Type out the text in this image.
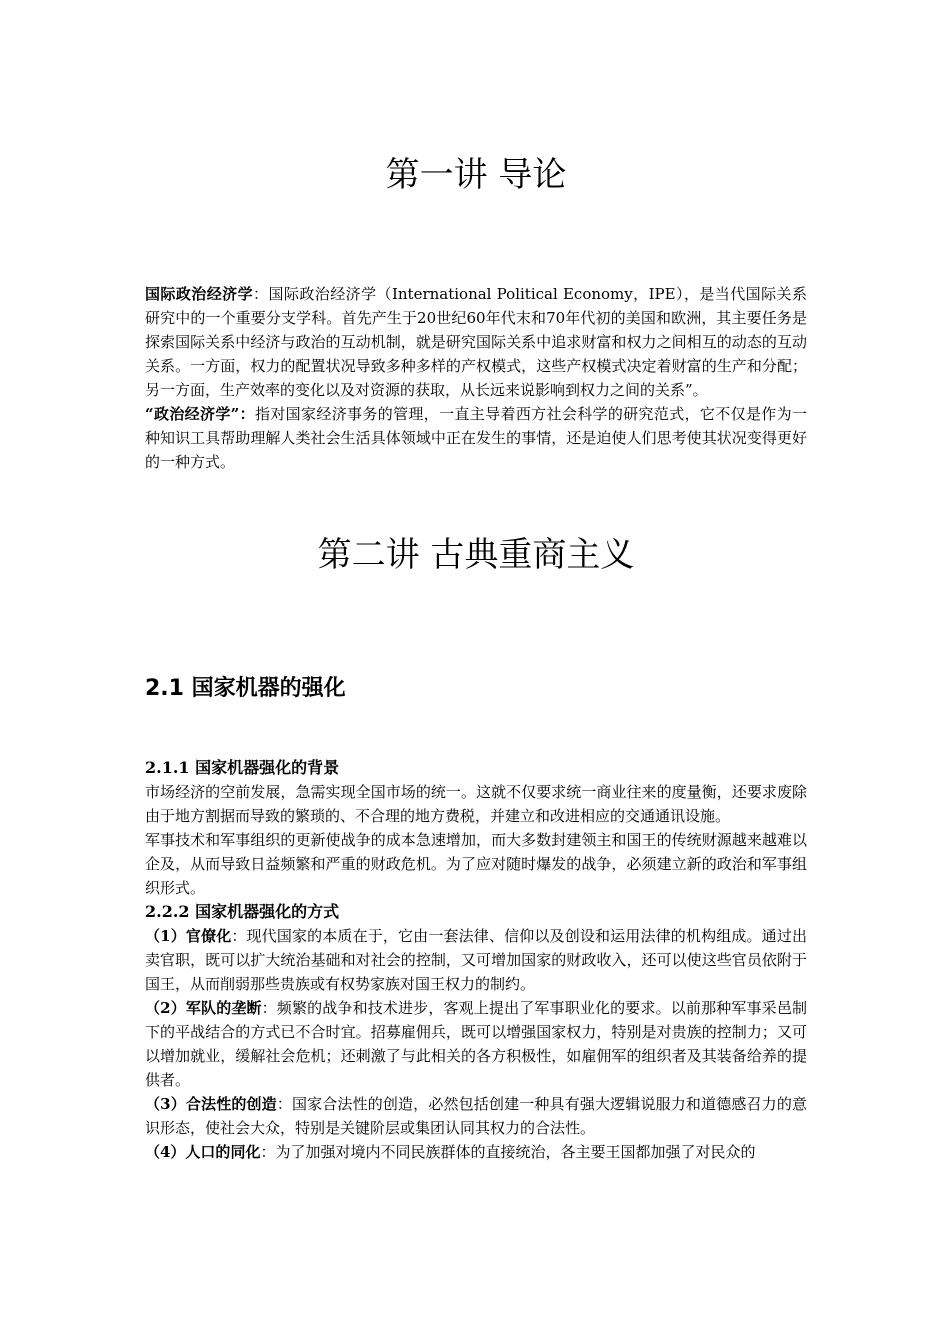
第一讲 导论

国际政治经济学：国际政治经济学（International Political Economy，IPE），是当代国际关系研究中的一个重要分支学科。首先产生于20世纪60年代末和70年代初的美国和欧洲，其主要任务是探索国际关系中经济与政治的互动机制，就是研究国际关系中追求财富和权力之间相互的动态的互动关系。一方面，权力的配置状况导致多种多样的产权模式，这些产权模式决定着财富的生产和分配；另一方面，生产效率的变化以及对资源的获取，从长远来说影响到权力之间的关系”。

“政治经济学”：指对国家经济事务的管理，一直主导着西方社会科学的研究范式，它不仅是作为一种知识工具帮助理解人类社会生活具体领域中正在发生的事情，还是迫使人们思考使其状况变得更好的一种方式。

第二讲 古典重商主义
2.1 国家机器的强化

2.1.1 国家机器强化的背景

市场经济的空前发展，急需实现全国市场的统一。这就不仅要求统一商业往来的度量衡，还要求废除由于地方割据而导致的繁琐的、不合理的地方费税，并建立和改进相应的交通通讯设施。

军事技术和军事组织的更新使战争的成本急速增加，而大多数封建领主和国王的传统财源越来越难以企及，从而导致日益频繁和严重的财政危机。为了应对随时爆发的战争，必须建立新的政治和军事组织形式。

2.2.2 国家机器强化的方式

（1）官僚化：现代国家的本质在于，它由一套法律、信仰以及创设和运用法律的机构组成。通过出卖官职，既可以扩大统治基础和对社会的控制，又可增加国家的财政收入，还可以使这些官员依附于国王，从而削弱那些贵族或有权势家族对国王权力的制约。

（2）军队的垄断：频繁的战争和技术进步，客观上提出了军事职业化的要求。以前那种军事采邑制下的平战结合的方式已不合时宜。招募雇佣兵，既可以增强国家权力，特别是对贵族的控制力；又可以增加就业，缓解社会危机；还刺激了与此相关的各方积极性，如雇佣军的组织者及其装备给养的提供者。

（3）合法性的创造：国家合法性的创造，必然包括创建一种具有强大逻辑说服力和道德感召力的意识形态，使社会大众，特别是关键阶层或集团认同其权力的合法性。

（4）人口的同化：为了加强对境内不同民族群体的直接统治，各主要王国都加强了对民众的
